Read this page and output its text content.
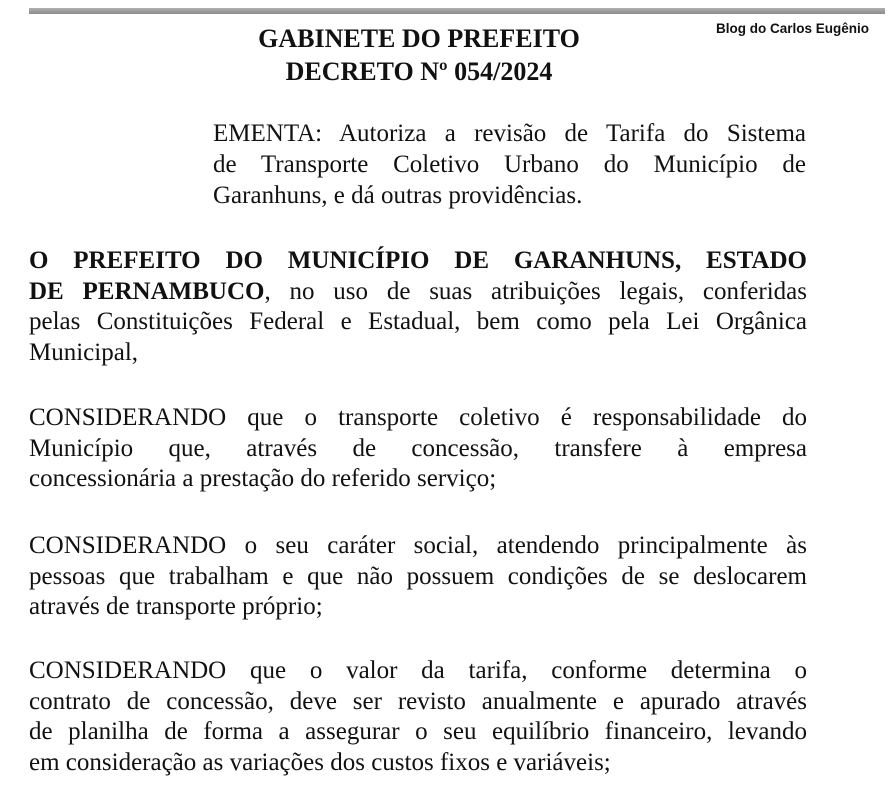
Blog do Carlos Eugênio
GABINETE DO PREFEITO
DECRETO Nº 054/2024
EMENTA: Autoriza a revisão de Tarifa do Sistema
de Transporte Coletivo Urbano do Município de
Garanhuns, e dá outras providências.
O PREFEITO DO MUNICÍPIO DE GARANHUNS, ESTADO
DE PERNAMBUCO, no uso de suas atribuições legais, conferidas
pelas Constituições Federal e Estadual, bem como pela Lei Orgânica
Municipal,
CONSIDERANDO que o transporte coletivo é responsabilidade do
Município que, através de concessão, transfere à empresa
concessionária a prestação do referido serviço;
CONSIDERANDO o seu caráter social, atendendo principalmente às
pessoas que trabalham e que não possuem condições de se deslocarem
através de transporte próprio;
CONSIDERANDO que o valor da tarifa, conforme determina o
contrato de concessão, deve ser revisto anualmente e apurado através
de planilha de forma a assegurar o seu equilíbrio financeiro, levando
em consideração as variações dos custos fixos e variáveis;
